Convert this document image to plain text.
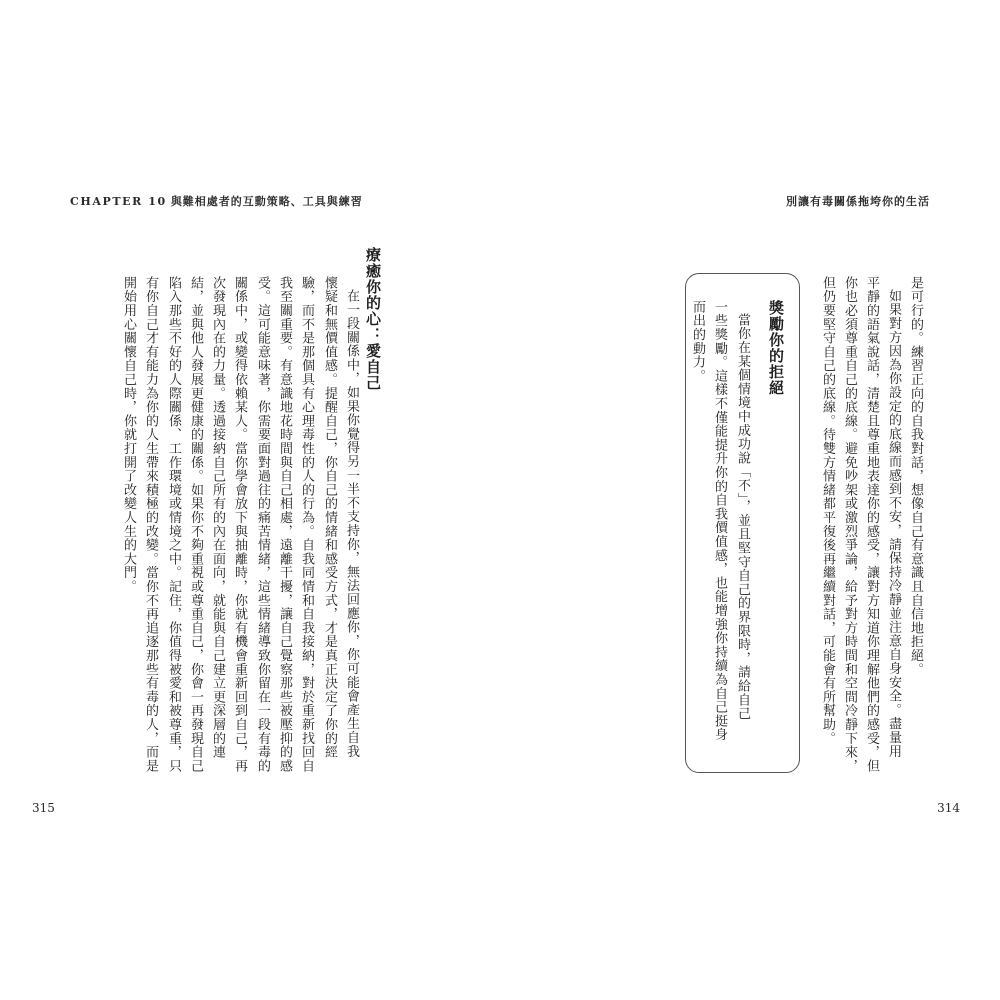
CHAPTER 10 與難相處者的互動策略、工具與練習
療癒你的心：愛自己
在一段關係中，如果你覺得另一半不支持你，無法回應你，你可能會產生自我
懷疑和無價值感。提醒自己，你自己的情緒和感受方式，才是真正決定了你的經
驗，而不是那個具有心理毒性的人的行為。自我同情和自我接納，對於重新找回自
我至關重要。有意識地花時間與自己相處，遠離干擾，讓自己覺察那些被壓抑的感
受。這可能意味著，你需要面對過往的痛苦情緒，這些情緒導致你留在一段有毒的
關係中，或變得依賴某人。當你學會放下與抽離時，你就有機會重新回到自己，再
次發現內在的力量。透過接納自己所有的內在面向，就能與自己建立更深層的連
結，並與他人發展更健康的關係。如果你不夠重視或尊重自己，你會一再發現自己
陷入那些不好的人際關係、工作環境或情境之中。記住，你值得被愛和被尊重，只
有你自己才有能力為你的人生帶來積極的改變。當你不再追逐那些有毒的人，而是
開始用心關懷自己時，你就打開了改變人生的大門。
315
別讓有毒關係拖垮你的生活
是可行的。練習正向的自我對話，想像自己有意識且自信地拒絕。
如果對方因為你設定的底線而感到不安，請保持冷靜並注意自身安全。盡量用
平靜的語氣說話，清楚且尊重地表達你的感受，讓對方知道你理解他們的感受，但
你也必須尊重自己的底線。避免吵架或激烈爭論，給予對方時間和空間冷靜下來，
但仍要堅守自己的底線。待雙方情緒都平復後再繼續對話，可能會有所幫助。
獎勵你的拒絕
當你在某個情境中成功說「不」，並且堅守自己的界限時，請給自己
一些獎勵。這樣不僅能提升你的自我價值感，也能增強你持續為自己挺身
而出的動力。
314
